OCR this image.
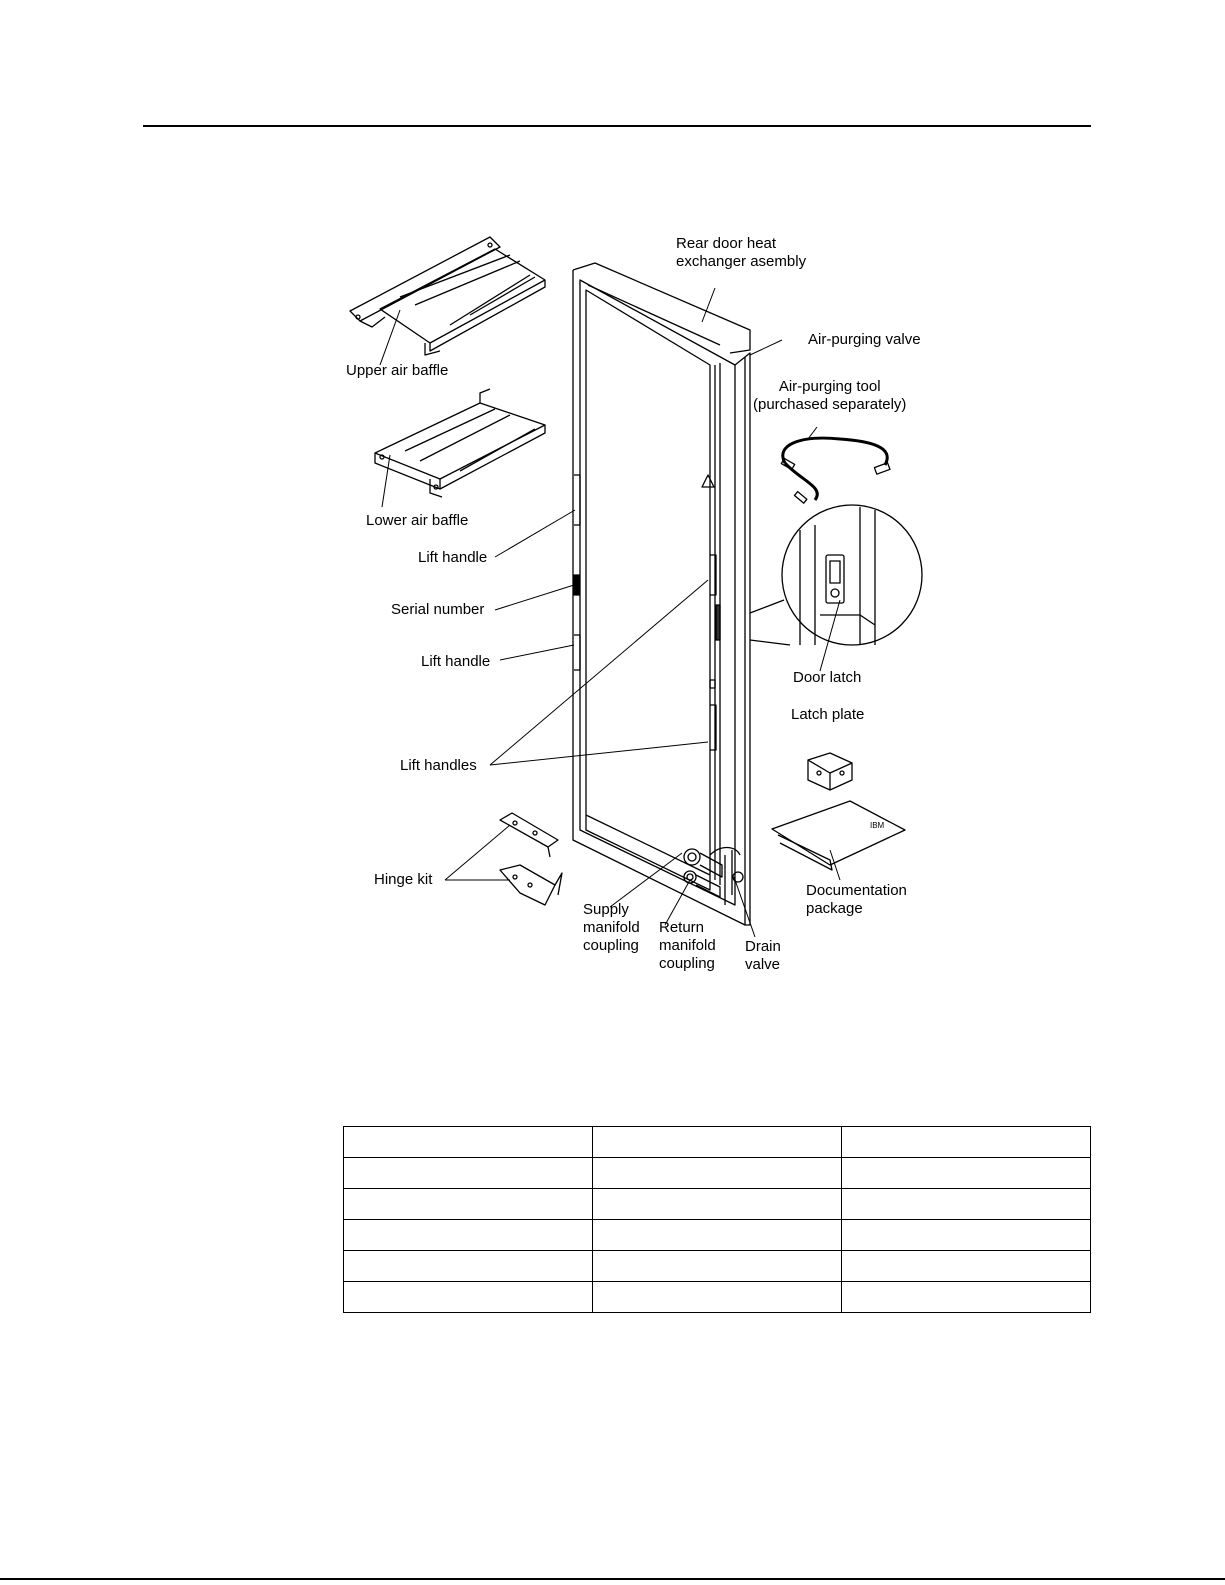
IBM
Rear door heat
exchanger asembly
Air-purging valve
Air-purging tool
(purchased separately)
Upper air baffle
Lower air baffle
Lift handle
Serial number
Lift handle
Door latch
Latch plate
Lift handles
Hinge kit
Documentation
package
Supply
manifold
coupling
Return
manifold
coupling
Drain
valve
